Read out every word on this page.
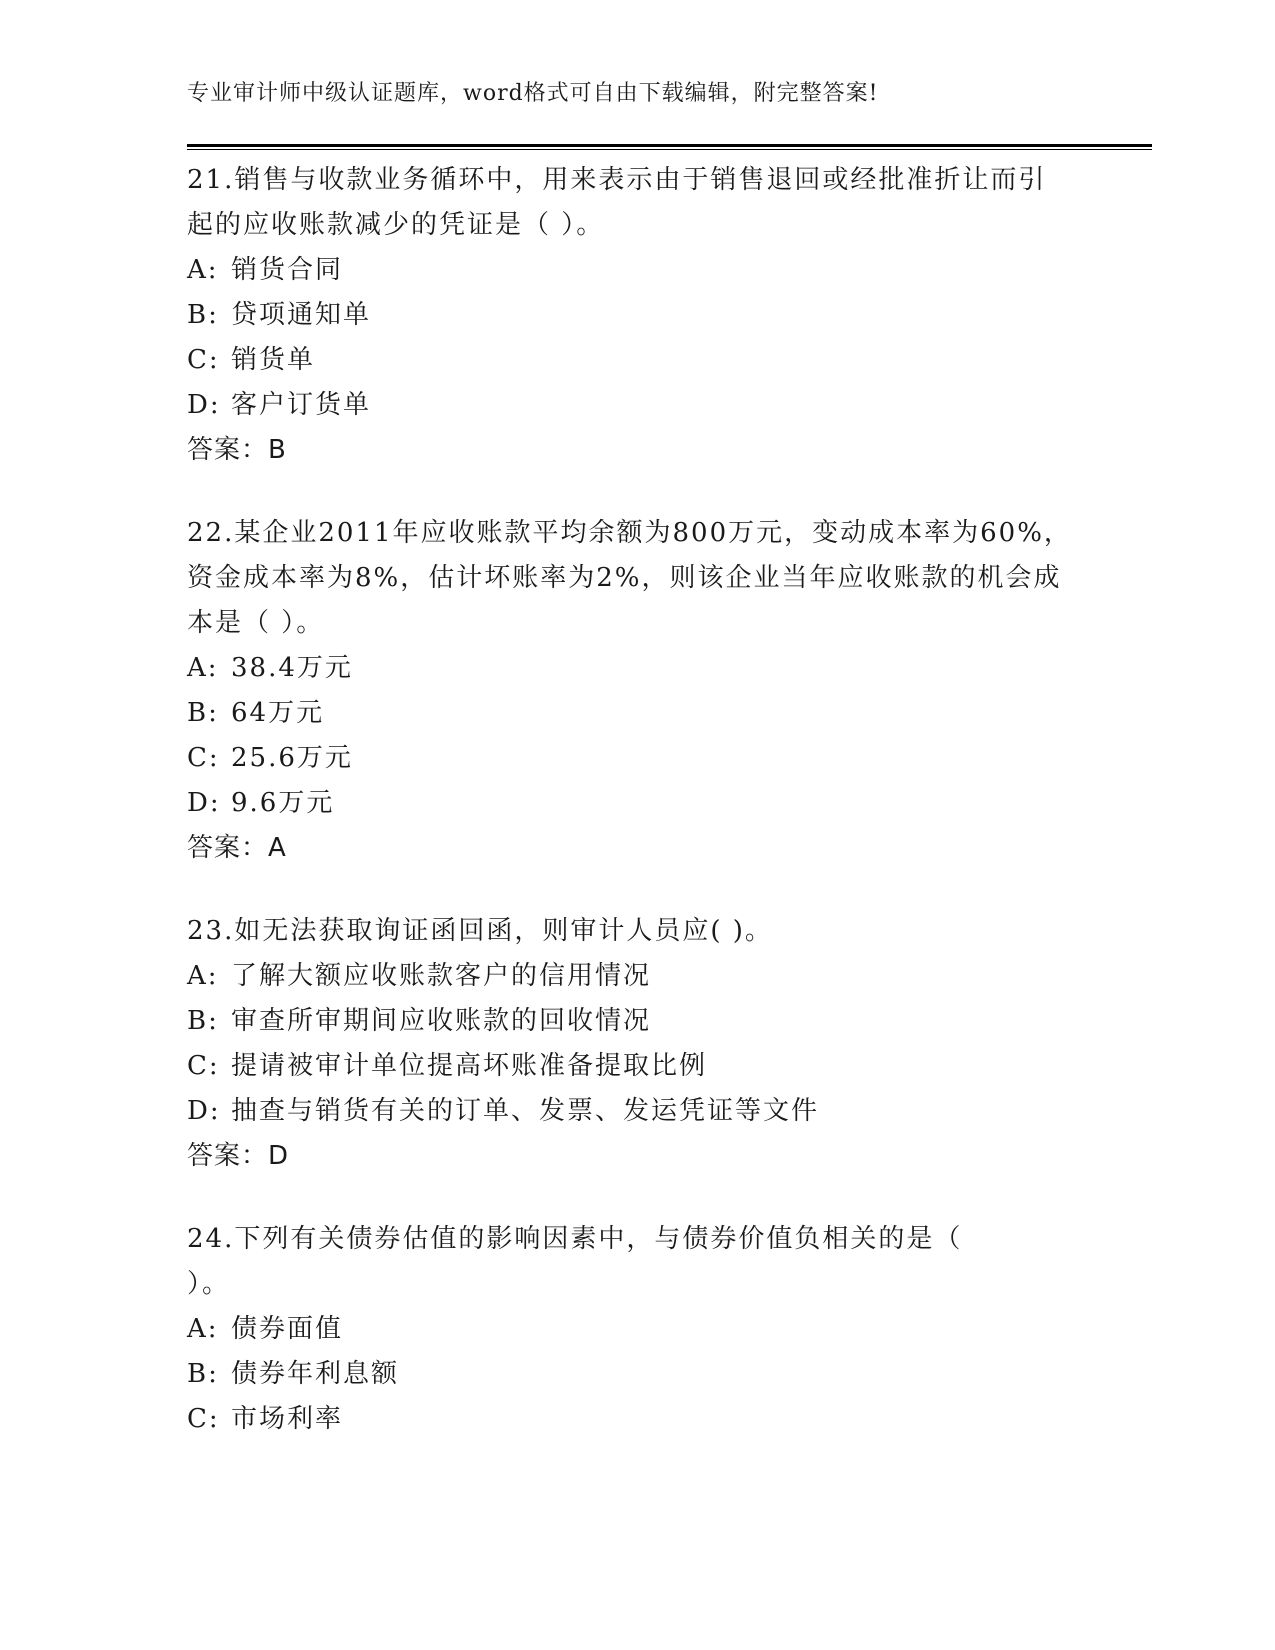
专业审计师中级认证题库，word格式可自由下载编辑，附完整答案!
21.销售与收款业务循环中，用来表示由于销售退回或经批准折让而引
起的应收账款减少的凭证是（ ）。
A: 销货合同
B: 贷项通知单
C: 销货单
D: 客户订货单
答案：B
22.某企业2011年应收账款平均余额为800万元，变动成本率为60%，
资金成本率为8%，估计坏账率为2%，则该企业当年应收账款的机会成
本是（ ）。
A: 38.4万元
B: 64万元
C: 25.6万元
D: 9.6万元
答案：A
23.如无法获取询证函回函，则审计人员应( )。
A: 了解大额应收账款客户的信用情况
B: 审查所审期间应收账款的回收情况
C: 提请被审计单位提高坏账准备提取比例
D: 抽查与销货有关的订单、发票、发运凭证等文件
答案：D
24.下列有关债券估值的影响因素中，与债券价值负相关的是（
）。
A: 债券面值
B: 债券年利息额
C: 市场利率
